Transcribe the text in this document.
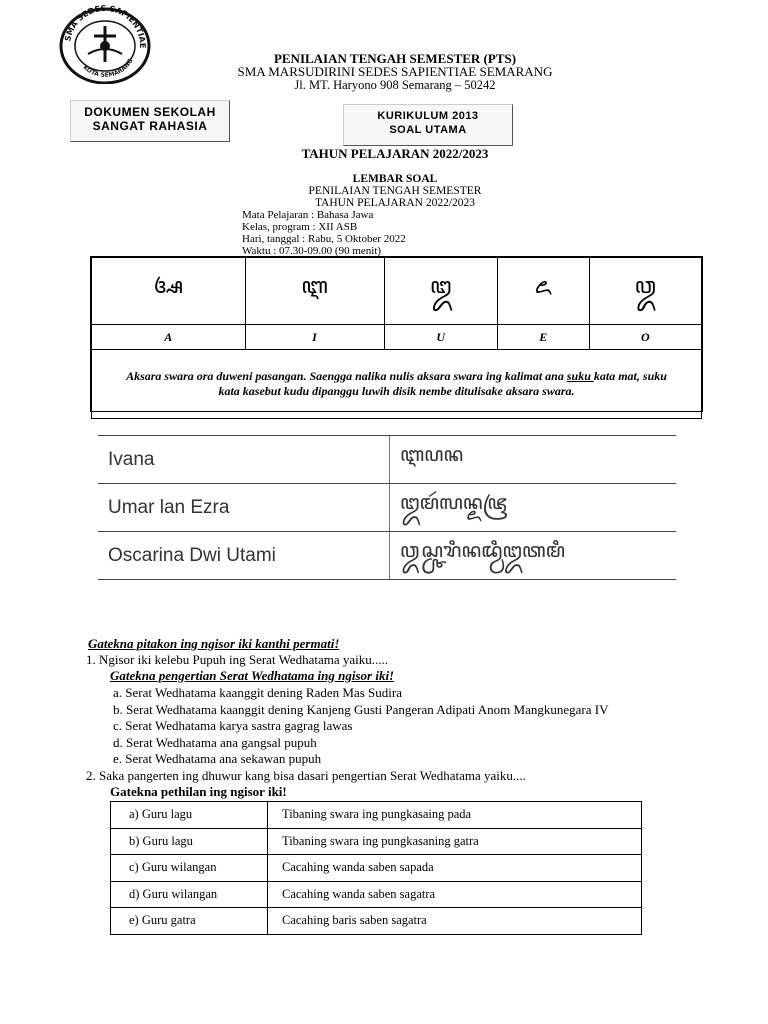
SMA SEDES SAPIENTIAE
KOTA SEMARANG	PENILAIAN TENGAH SEMESTER (PTS)
SMA MARSUDIRINI SEDES SAPIENTIAE SEMARANG
Jl. MT. Haryono 908 Semarang – 50242
DOKUMEN SEKOLAH
SANGAT RAHASIA
KURIKULUM 2013
SOAL UTAMA
TAHUN PELAJARAN 2022/2023
LEMBAR SOAL
PENILAIAN TENGAH SEMESTER
TAHUN PELAJARAN 2022/2023
Mata Pelajaran : Bahasa Jawa
Kelas, program : XII ASB
Hari, tanggal : Rabu, 5 Oktober 2022
Waktu : 07.30-09.00 (90 menit)
ꦄ	ꦆ	ꦈ	ꦌ	ꦎ
A	I	U	E	O
Aksara swara ora duweni pasangan. Saengga nalika nulis aksara swara ing kalimat ana suku kata mat, suku kata kasebut kudu dipanggu luwih disik nembe ditulisake aksara swara.				
Ivana	ꦆꦥꦤ
Umar lan Ezra	ꦈꦩꦂꦭꦤ꧀ꦌꦗꦿ
Oscarina Dwi Utami	ꦎꦱ꧀ꦕꦫꦶꦤꦢ꧀ꦮꦶꦈꦠꦩꦶ
Gatekna pitakon ing ngisor iki kanthi permati!
1. Ngisor iki kelebu Pupuh ing Serat Wedhatama yaiku.....
Gatekna pengertian Serat Wedhatama ing ngisor iki!
a. Serat Wedhatama kaanggit dening Raden Mas Sudira
b. Serat Wedhatama kaanggit dening Kanjeng Gusti Pangeran Adipati Anom Mangkunegara IV
c. Serat Wedhatama karya sastra gagrag lawas
d. Serat Wedhatama ana gangsal pupuh
e. Serat Wedhatama ana sekawan pupuh
2. Saka pangerten ing dhuwur kang bisa dasari pengertian Serat Wedhatama yaiku....
Gatekna pethilan ing ngisor iki!
a) Guru lagu	Tibaning swara ing pungkasaing pada
b) Guru lagu	Tibaning swara ing pungkasaning gatra
c) Guru wilangan	Cacahing wanda saben sapada
d) Guru wilangan	Cacahing wanda saben sagatra
e) Guru gatra	Cacahing baris saben sagatra
